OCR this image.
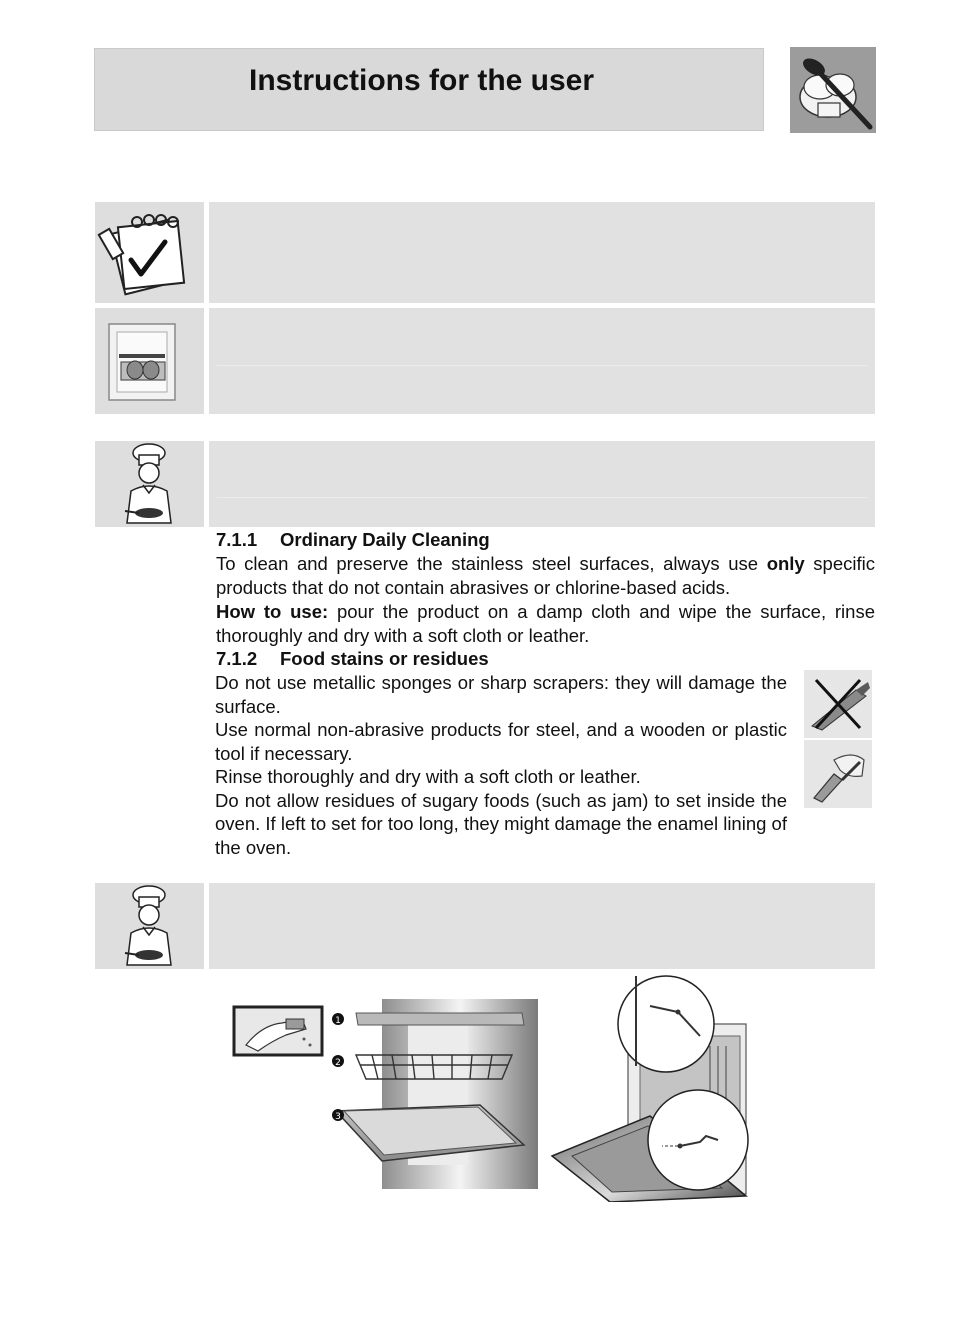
Instructions for the user
7.1.1 Ordinary Daily Cleaning
To clean and preserve the stainless steel surfaces, always use only specific products that do not contain abrasives or chlorine-based acids.
How to use: pour the product on a damp cloth and wipe the surface, rinse thoroughly and dry with a soft cloth or leather.
7.1.2 Food stains or residues
Do not use metallic sponges or sharp scrapers: they will damage the surface.
Use normal non-abrasive products for steel, and a wooden or plastic tool if necessary.
Rinse thoroughly and dry with a soft cloth or leather.
Do not allow residues of sugary foods (such as jam) to set inside the oven. If left to set for too long, they might damage the enamel lining of the oven.
1
2
3
